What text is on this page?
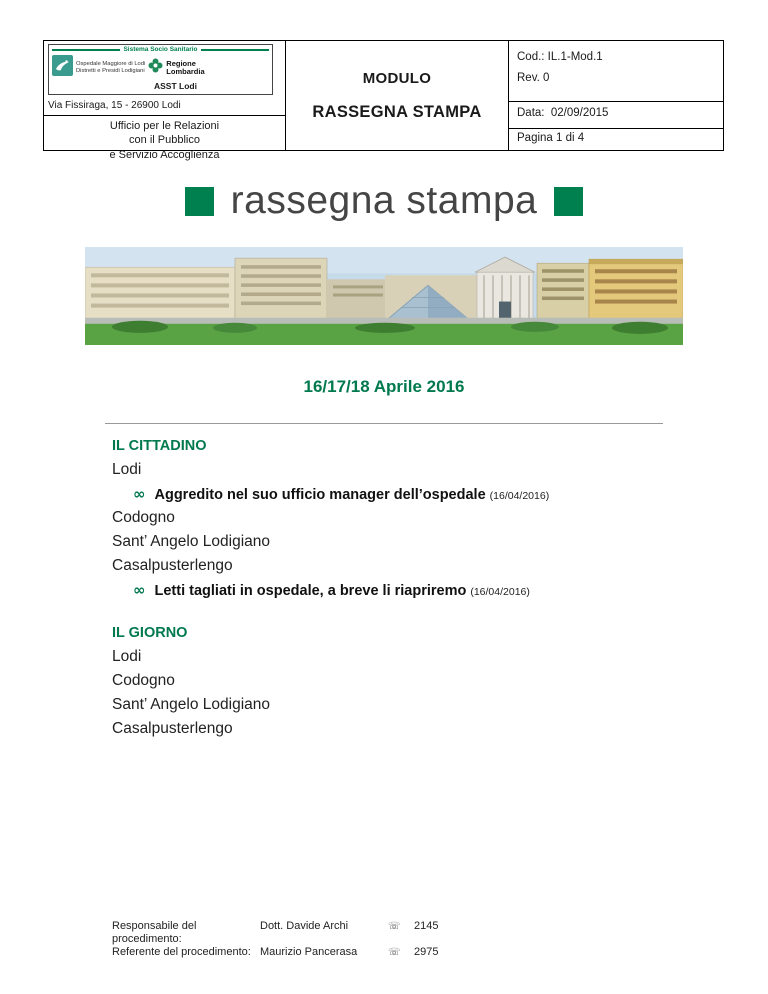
Sistema Socio Sanitario
Ospedale Maggiore di Lodi
Distretti e Presidi Lodigiani
Regione
Lombardia
ASST Lodi
Via Fissiraga, 15 - 26900 Lodi
Ufficio per le Relazioni
con il Pubblico
e Servizio Accoglienza
MODULO
RASSEGNA STAMPA
Cod.: IL.1-Mod.1
Rev. 0
Data:  02/09/2015
Pagina 1 di 4
rassegna stampa
16/17/18 Aprile 2016
IL CITTADINO
Lodi
∞ Aggredito nel suo ufficio manager dell’ospedale (16/04/2016)
Codogno
Sant’ Angelo Lodigiano
Casalpusterlengo
∞ Letti tagliati in ospedale, a breve li riapriremo (16/04/2016)
IL GIORNO
Lodi
Codogno
Sant’ Angelo Lodigiano
Casalpusterlengo
Responsabile del procedimento:
Dott. Davide Archi	☏	2145
Referente del procedimento: Maurizio Pancerasa	☏	2975
